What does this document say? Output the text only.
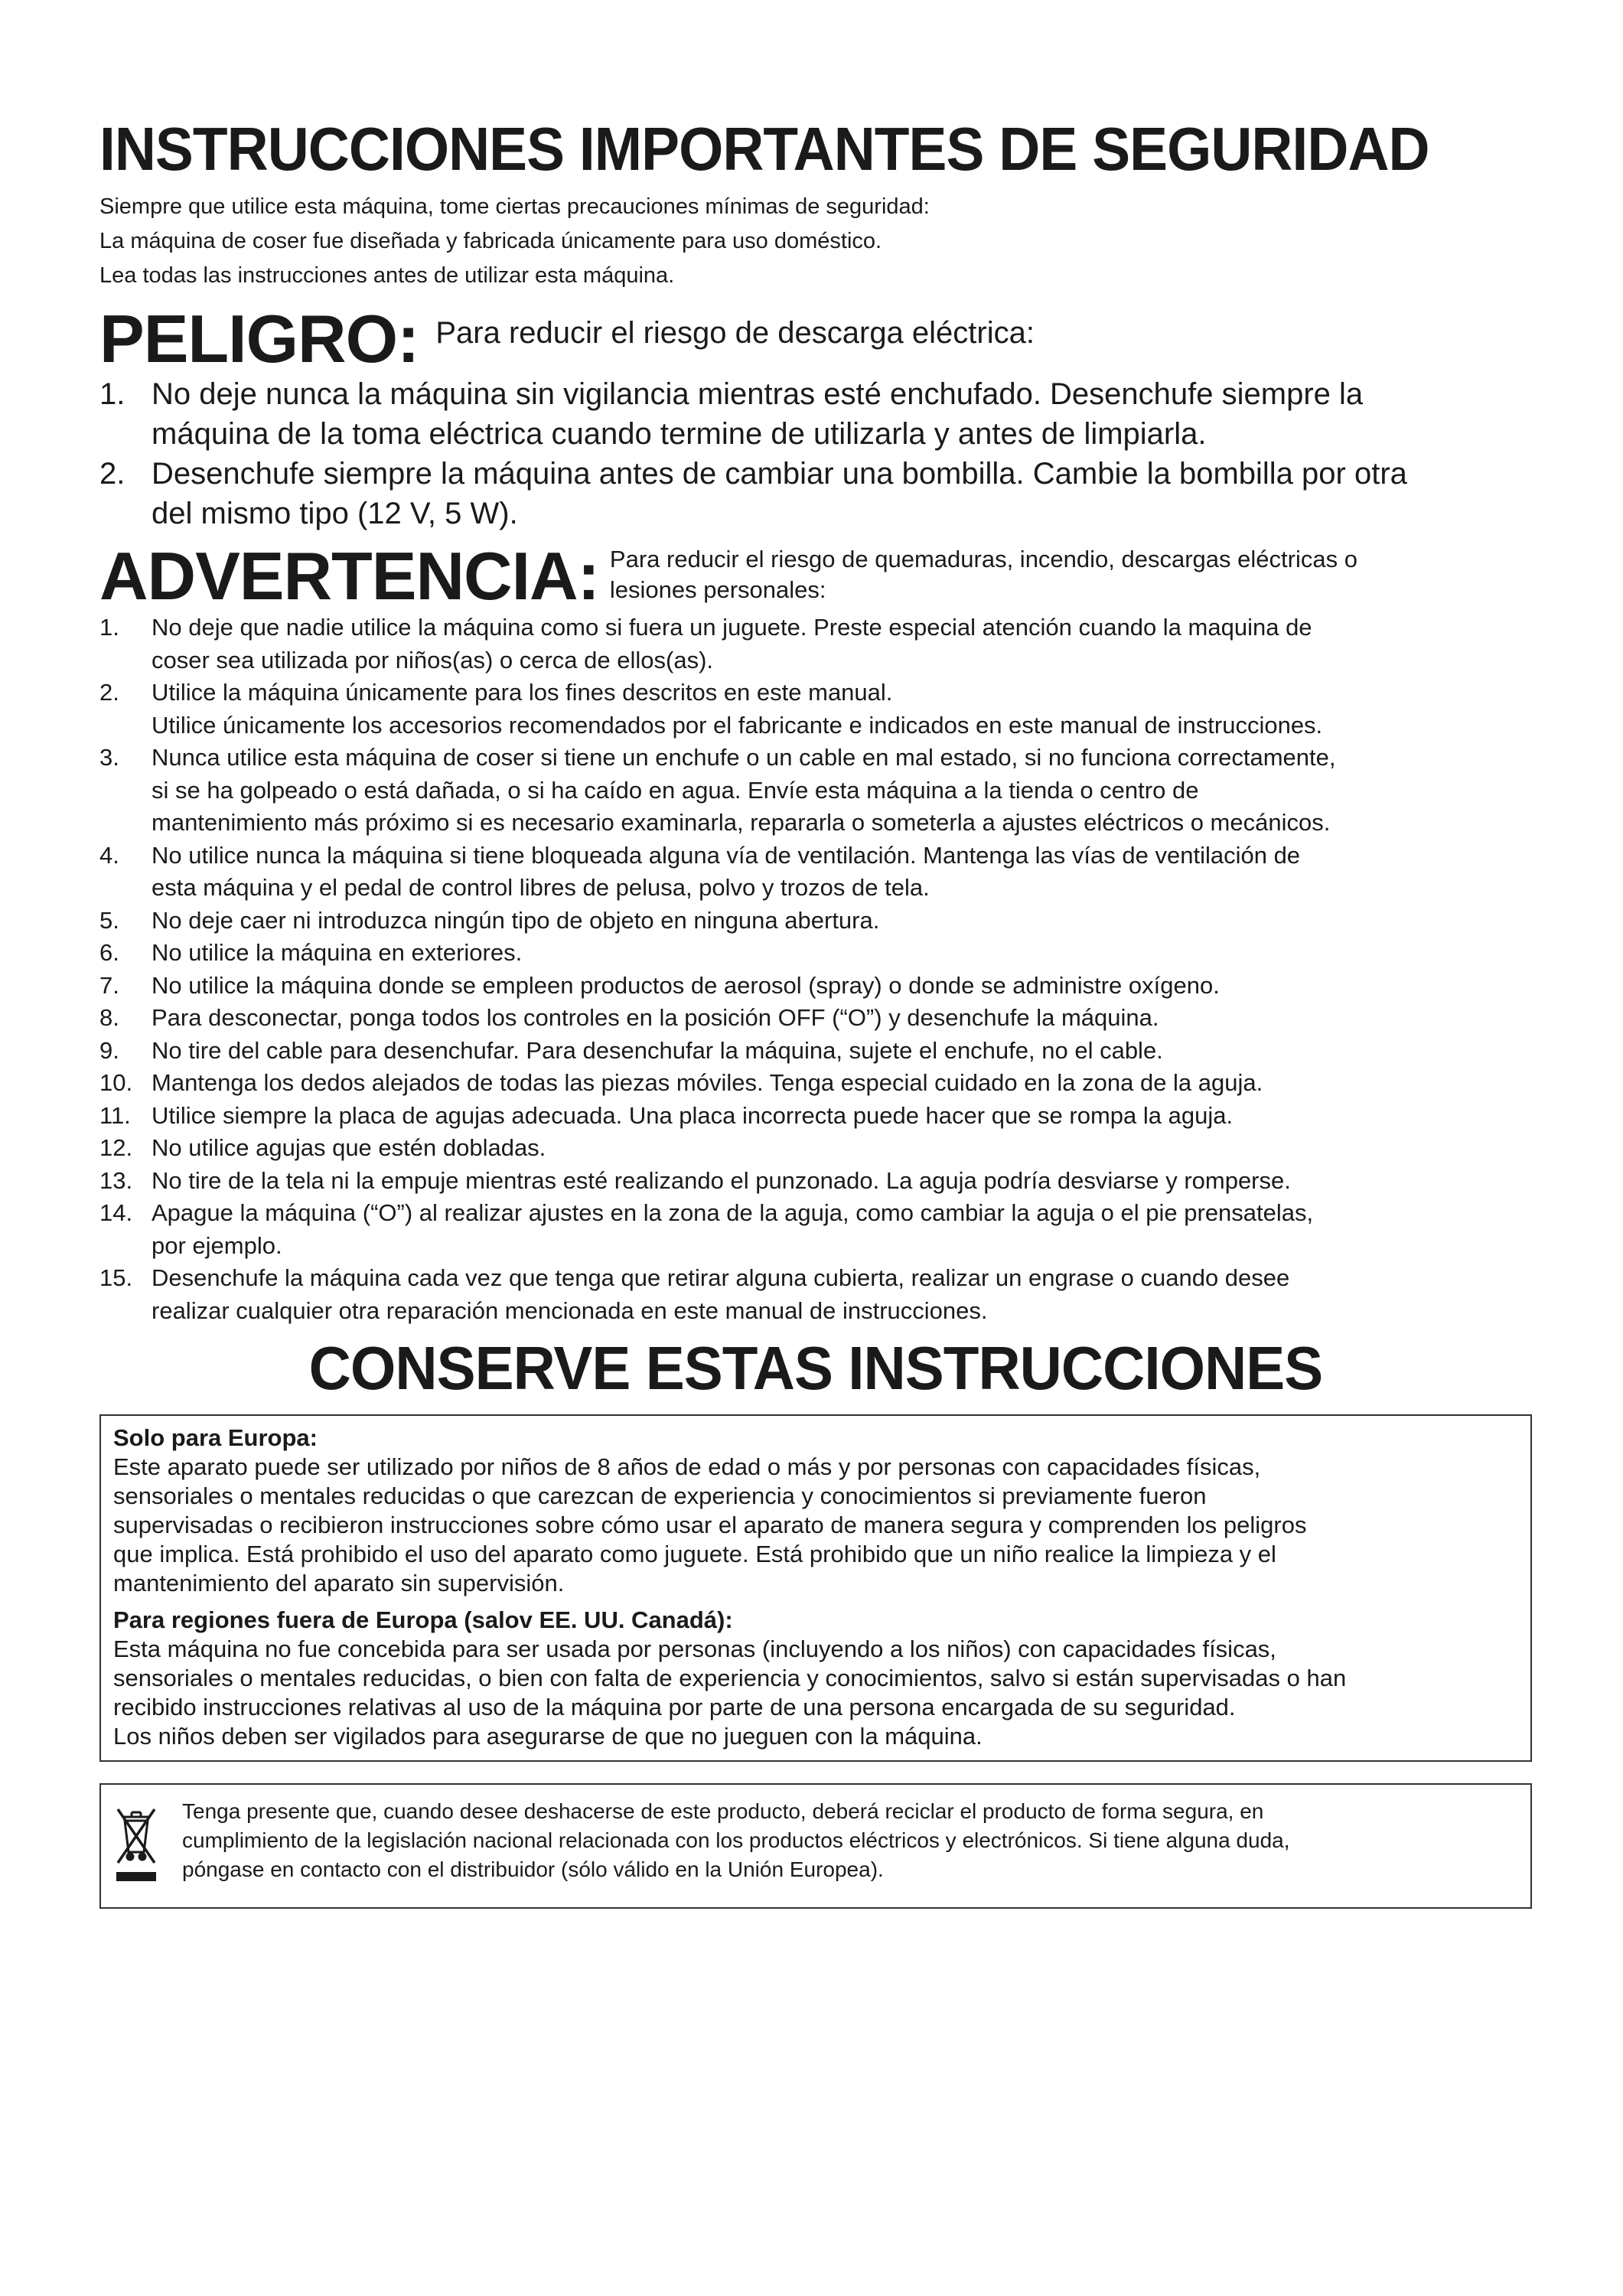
INSTRUCCIONES IMPORTANTES DE SEGURIDAD
Siempre que utilice esta máquina, tome ciertas precauciones mínimas de seguridad:
La máquina de coser fue diseñada y fabricada únicamente para uso doméstico.
Lea todas las instrucciones antes de utilizar esta máquina.
PELIGRO: Para reducir el riesgo de descarga eléctrica:
1. No deje nunca la máquina sin vigilancia mientras esté enchufado. Desenchufe siempre la
máquina de la toma eléctrica cuando termine de utilizarla y antes de limpiarla.
2. Desenchufe siempre la máquina antes de cambiar una bombilla. Cambie la bombilla por otra
del mismo tipo (12 V, 5 W).
ADVERTENCIA: Para reducir el riesgo de quemaduras, incendio, descargas eléctricas o
lesiones personales:
1. No deje que nadie utilice la máquina como si fuera un juguete. Preste especial atención cuando la maquina de
coser sea utilizada por niños(as) o cerca de ellos(as).
2. Utilice la máquina únicamente para los fines descritos en este manual.
Utilice únicamente los accesorios recomendados por el fabricante e indicados en este manual de instrucciones.
3. Nunca utilice esta máquina de coser si tiene un enchufe o un cable en mal estado, si no funciona correctamente,
si se ha golpeado o está dañada, o si ha caído en agua. Envíe esta máquina a la tienda o centro de
mantenimiento más próximo si es necesario examinarla, repararla o someterla a ajustes eléctricos o mecánicos.
4. No utilice nunca la máquina si tiene bloqueada alguna vía de ventilación. Mantenga las vías de ventilación de
esta máquina y el pedal de control libres de pelusa, polvo y trozos de tela.
5. No deje caer ni introduzca ningún tipo de objeto en ninguna abertura.
6. No utilice la máquina en exteriores.
7. No utilice la máquina donde se empleen productos de aerosol (spray) o donde se administre oxígeno.
8. Para desconectar, ponga todos los controles en la posición OFF (“O”) y desenchufe la máquina.
9. No tire del cable para desenchufar. Para desenchufar la máquina, sujete el enchufe, no el cable.
10. Mantenga los dedos alejados de todas las piezas móviles. Tenga especial cuidado en la zona de la aguja.
11. Utilice siempre la placa de agujas adecuada. Una placa incorrecta puede hacer que se rompa la aguja.
12. No utilice agujas que estén dobladas.
13. No tire de la tela ni la empuje mientras esté realizando el punzonado. La aguja podría desviarse y romperse.
14. Apague la máquina (“O”) al realizar ajustes en la zona de la aguja, como cambiar la aguja o el pie prensatelas,
por ejemplo.
15. Desenchufe la máquina cada vez que tenga que retirar alguna cubierta, realizar un engrase o cuando desee
realizar cualquier otra reparación mencionada en este manual de instrucciones.
CONSERVE ESTAS INSTRUCCIONES
Solo para Europa:
Este aparato puede ser utilizado por niños de 8 años de edad o más y por personas con capacidades físicas,
sensoriales o mentales reducidas o que carezcan de experiencia y conocimientos si previamente fueron
supervisadas o recibieron instrucciones sobre cómo usar el aparato de manera segura y comprenden los peligros
que implica. Está prohibido el uso del aparato como juguete. Está prohibido que un niño realice la limpieza y el
mantenimiento del aparato sin supervisión.
Para regiones fuera de Europa (salov EE. UU. Canadá):
Esta máquina no fue concebida para ser usada por personas (incluyendo a los niños) con capacidades físicas,
sensoriales o mentales reducidas, o bien con falta de experiencia y conocimientos, salvo si están supervisadas o han
recibido instrucciones relativas al uso de la máquina por parte de una persona encargada de su seguridad.
Los niños deben ser vigilados para asegurarse de que no jueguen con la máquina.
Tenga presente que, cuando desee deshacerse de este producto, deberá reciclar el producto de forma segura, en
cumplimiento de la legislación nacional relacionada con los productos eléctricos y electrónicos. Si tiene alguna duda,
póngase en contacto con el distribuidor (sólo válido en la Unión Europea).
